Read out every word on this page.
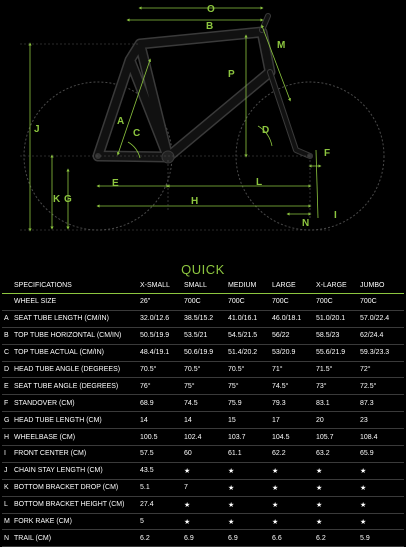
A
B
C	D
E
F
G	H
I
J
K
L
M
N
O
P
QUICK
	SPECIFICATIONS	X-SMALL	SMALL	MEDIUM	LARGE	X-LARGE	JUMBO
	WHEEL SIZE	26"	700C	700C	700C	700C	700C
A	SEAT TUBE LENGTH (CM/IN)	32.0/12.6	38.5/15.2	41.0/16.1	46.0/18.1	51.0/20.1	57.0/22.4
B	TOP TUBE HORIZONTAL (CM/IN)	50.5/19.9	53.5/21	54.5/21.5	56/22	58.5/23	62/24.4
C	TOP TUBE ACTUAL (CM/IN)	48.4/19.1	50.6/19.9	51.4/20.2	53/20.9	55.6/21.9	59.3/23.3
D	HEAD TUBE ANGLE (DEGREES)	70.5°	70.5°	70.5°	71°	71.5°	72°
E	SEAT TUBE ANGLE (DEGREES)	76°	75°	75°	74.5°	73°	72.5°
F	STANDOVER (CM)	68.9	74.5	75.9	79.3	83.1	87.3
G	HEAD TUBE LENGTH (CM)	14	14	15	17	20	23
H	WHEELBASE (CM)	100.5	102.4	103.7	104.5	105.7	108.4
I	FRONT CENTER (CM)	57.5	60	61.1	62.2	63.2	65.9
J	CHAIN STAY LENGTH (CM)	43.5	★	★	★	★	★
K	BOTTOM BRACKET DROP (CM)	5.1	7	★	★	★	★
L	BOTTOM BRACKET HEIGHT (CM)	27.4	★	★	★	★	★
M	FORK RAKE (CM)	5	★	★	★	★	★
N	TRAIL (CM)	6.2	6.9	6.9	6.6	6.2	5.9
